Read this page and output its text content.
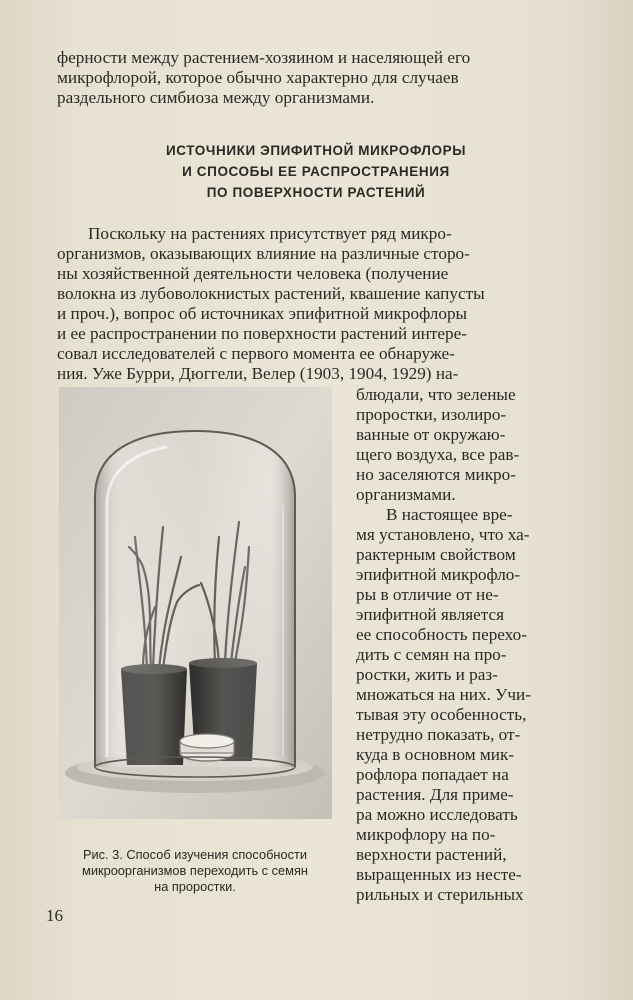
ферности между растением-хозяином и населяющей его
микрофлорой, которое обычно характерно для случаев
раздельного симбиоза между организмами.
ИСТОЧНИКИ ЭПИФИТНОЙ МИКРОФЛОРЫ
И СПОСОБЫ ЕЕ РАСПРОСТРАНЕНИЯ
ПО ПОВЕРХНОСТИ РАСТЕНИЙ
Поскольку на растениях присутствует ряд микро-
организмов, оказывающих влияние на различные сторо-
ны хозяйственной деятельности человека (получение
волокна из лубоволокнистых растений, квашение капусты
и проч.), вопрос об источниках эпифитной микрофлоры
и ее распространении по поверхности растений интере-
совал исследователей с первого момента ее обнаруже-
ния. Уже Бурри, Дюггели, Велер (1903, 1904, 1929) на-
блюдали, что зеленые
проростки, изолиро-
ванные от окружаю-
щего воздуха, все рав-
но заселяются микро-
организмами.
В настоящее вре-
мя установлено, что ха-
рактерным свойством
эпифитной микрофло-
ры в отличие от не-
эпифитной является
ее способность перехо-
дить с семян на про-
ростки, жить и раз-
множаться на них. Учи-
тывая эту особенность,
нетрудно показать, от-
куда в основном мик-
рофлора попадает на
растения. Для приме-
ра можно исследовать
микрофлору на по-
верхности растений,
выращенных из нестe-
рильных и стерильных
Рис. 3. Способ изучения способности
микроорганизмов переходить с семян
на проростки.
16
